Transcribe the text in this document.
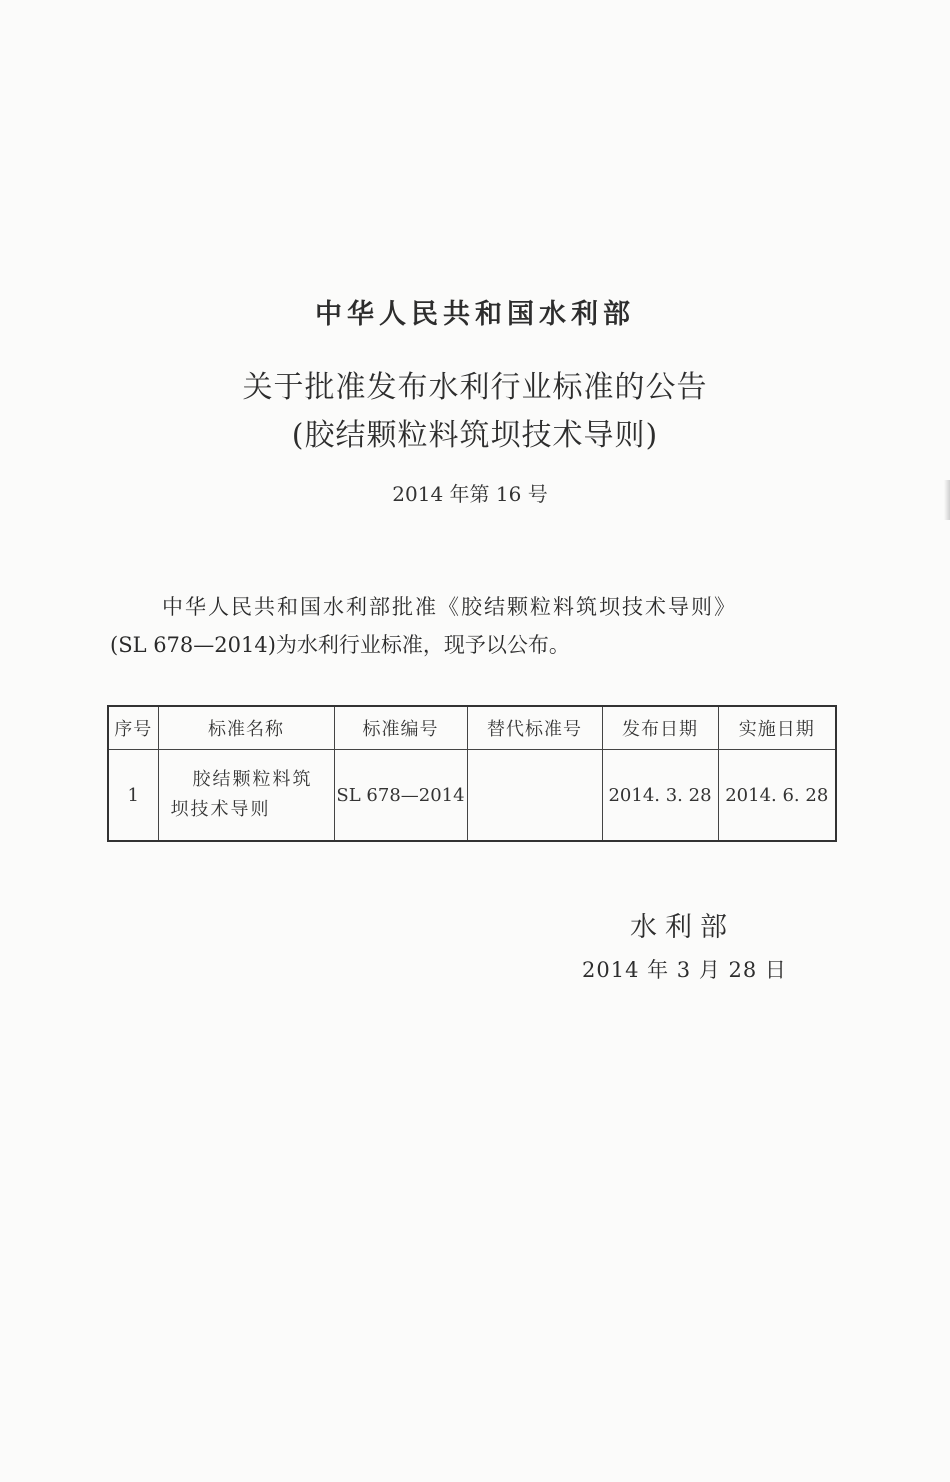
中华人民共和国水利部
关于批准发布水利行业标准的公告
(胶结颗粒料筑坝技术导则)
2014 年第 16 号
中华人民共和国水利部批准《胶结颗粒料筑坝技术导则》
(SL 678—2014)为水利行业标准，现予以公布。
序号	标准名称	标准编号	替代标准号	发布日期	实施日期
1	胶结颗粒料筑
坝技术导则	SL 678—2014		2014. 3. 28	2014. 6. 28
水利部
2014 年 3 月 28 日
